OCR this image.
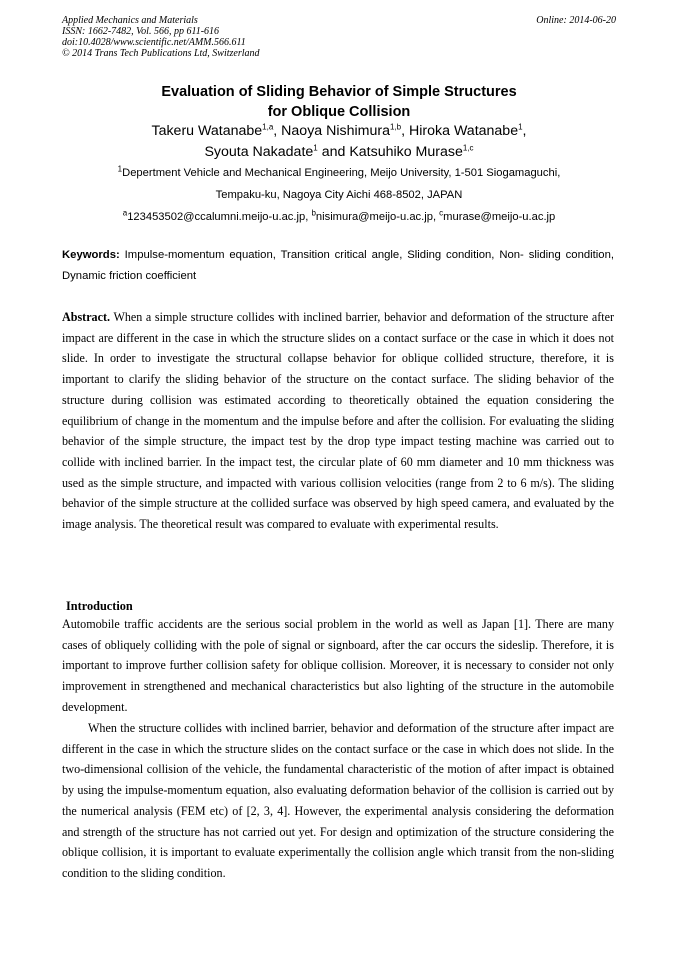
Applied Mechanics and Materials
ISSN: 1662-7482, Vol. 566, pp 611-616
doi:10.4028/www.scientific.net/AMM.566.611
© 2014 Trans Tech Publications Ltd, Switzerland
Online: 2014-06-20
Evaluation of Sliding Behavior of Simple Structures
for Oblique Collision
Takeru Watanabe$^{1,a}$, Naoya Nishimura$^{1,b}$, Hiroka Watanabe$^1$,
Syouta Nakadate$^1$ and Katsuhiko Murase$^{1,c}$
$^1$Depertment Vehicle and Mechanical Engineering, Meijo University, 1-501 Siogamaguchi,
Tempaku-ku, Nagoya City Aichi 468-8502, JAPAN
$^a$123453502@ccalumni.meijo-u.ac.jp, $^b$nisimura@meijo-u.ac.jp, $^c$murase@meijo-u.ac.jp
Keywords: Impulse-momentum equation, Transition critical angle, Sliding condition, Non- sliding condition, Dynamic friction coefficient
Abstract. When a simple structure collides with inclined barrier, behavior and deformation of the structure after impact are different in the case in which the structure slides on a contact surface or the case in which it does not slide. In order to investigate the structural collapse behavior for oblique collided structure, therefore, it is important to clarify the sliding behavior of the structure on the contact surface. The sliding behavior of the structure during collision was estimated according to theoretically obtained the equation considering the equilibrium of change in the momentum and the impulse before and after the collision. For evaluating the sliding behavior of the simple structure, the impact test by the drop type impact testing machine was carried out to collide with inclined barrier. In the impact test, the circular plate of 60 mm diameter and 10 mm thickness was used as the simple structure, and impacted with various collision velocities (range from 2 to 6 m/s). The sliding behavior of the simple structure at the collided surface was observed by high speed camera, and evaluated by the image analysis. The theoretical result was compared to evaluate with experimental results.
Introduction
Automobile traffic accidents are the serious social problem in the world as well as Japan [1]. There are many cases of obliquely colliding with the pole of signal or signboard, after the car occurs the sideslip. Therefore, it is important to improve further collision safety for oblique collision. Moreover, it is necessary to consider not only improvement in strengthened and mechanical characteristics but also lighting of the structure in the automobile development.
When the structure collides with inclined barrier, behavior and deformation of the structure after impact are different in the case in which the structure slides on the contact surface or the case in which does not slide. In the two-dimensional collision of the vehicle, the fundamental characteristic of the motion of after impact is obtained by using the impulse-momentum equation, also evaluating deformation behavior of the collision is carried out by the numerical analysis (FEM etc) of [2, 3, 4]. However, the experimental analysis considering the deformation and strength of the structure has not carried out yet. For design and optimization of the structure considering the oblique collision, it is important to evaluate experimentally the collision angle which transit from the non-sliding condition to the sliding condition.
